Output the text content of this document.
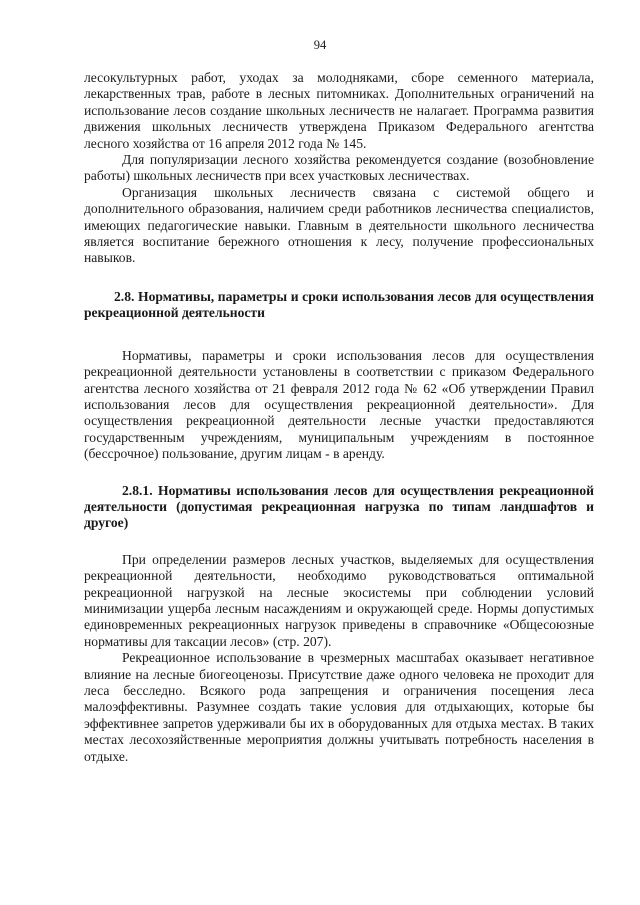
94

лесокультурных работ, уходах за молодняками, сборе семенного материала, лекарственных трав, работе в лесных питомниках. Дополнительных ограничений на использование лесов создание школьных лесничеств не налагает. Программа развития движения школьных лесничеств утверждена Приказом Федерального агентства лесного хозяйства от 16 апреля 2012 года № 145.

Для популяризации лесного хозяйства рекомендуется создание (возобновление работы) школьных лесничеств при всех участковых лесничествах.

Организация школьных лесничеств связана с системой общего и дополнительного образования, наличием среди работников лесничества специалистов, имеющих педагогические навыки. Главным в деятельности школьного лесничества является воспитание бережного отношения к лесу, получение профессиональных навыков.

2.8. Нормативы, параметры и сроки использования лесов для осуществления рекреационной деятельности

Нормативы, параметры и сроки использования лесов для осуществления рекреационной деятельности установлены в соответствии с приказом Федерального агентства лесного хозяйства от 21 февраля 2012 года № 62 «Об утверждении Правил использования лесов для осуществления рекреационной деятельности». Для осуществления рекреационной деятельности лесные участки предоставляются государственным учреждениям, муниципальным учреждениям в постоянное (бессрочное) пользование, другим лицам - в аренду.

2.8.1. Нормативы использования лесов для осуществления рекреационной деятельности (допустимая рекреационная нагрузка по типам ландшафтов и другое)

При определении размеров лесных участков, выделяемых для осуществления рекреационной деятельности, необходимо руководствоваться оптимальной рекреационной нагрузкой на лесные экосистемы при соблюдении условий минимизации ущерба лесным насаждениям и окружающей среде. Нормы допустимых единовременных рекреационных нагрузок приведены в справочнике «Общесоюзные нормативы для таксации лесов» (стр. 207).

Рекреационное использование в чрезмерных масштабах оказывает негативное влияние на лесные биогеоценозы. Присутствие даже одного человека не проходит для леса бесследно. Всякого рода запрещения и ограничения посещения леса малоэффективны. Разумнее создать такие условия для отдыхающих, которые бы эффективнее запретов удерживали бы их в оборудованных для отдыха местах. В таких местах лесохозяйственные мероприятия должны учитывать потребность населения в отдыхе.
